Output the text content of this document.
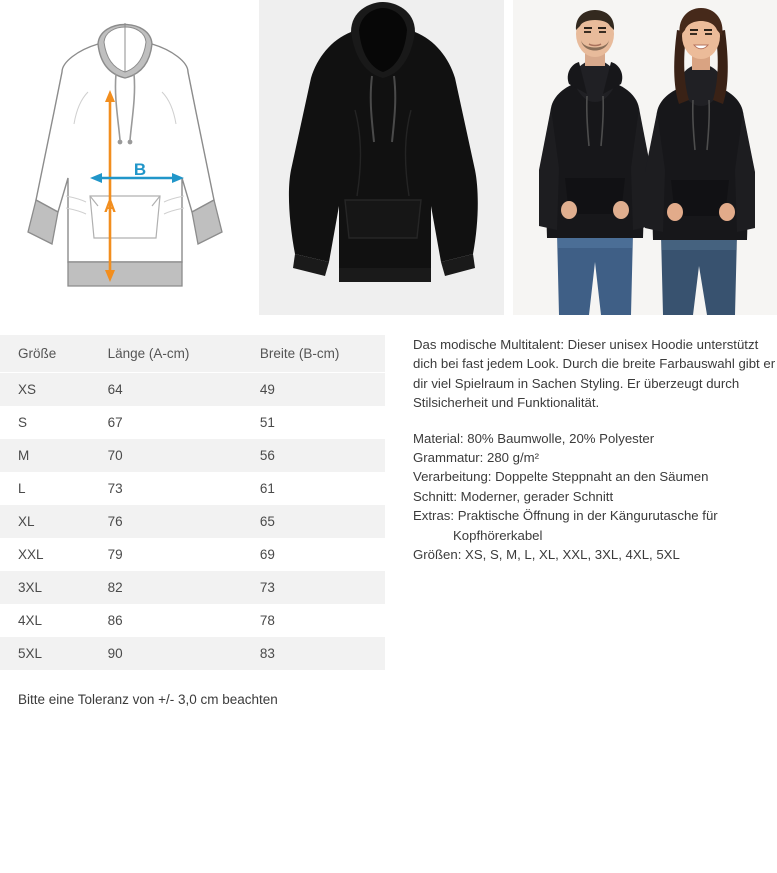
A
B
Größe	Länge (A-cm)	Breite (B-cm)
XS	64	49
S	67	51
M	70	56
L	73	61
XL	76	65
XXL	79	69
3XL	82	73
4XL	86	78
5XL	90	83
Bitte eine Toleranz von +/- 3,0 cm beachten

Das modische Multitalent: Dieser unisex Hoodie unterstützt dich bei fast jedem Look. Durch die breite Farbauswahl gibt er dir viel Spielraum in Sachen Styling. Er überzeugt durch Stilsicherheit und Funktionalität.

Material: 80% Baumwolle, 20% Polyester
Grammatur: 280 g/m²
Verarbeitung: Doppelte Steppnaht an den Säumen
Schnitt: Moderner, gerader Schnitt
Extras: Praktische Öffnung in der Kängurutasche für
Kopfhörerkabel
Größen: XS, S, M, L, XL, XXL, 3XL, 4XL, 5XL
